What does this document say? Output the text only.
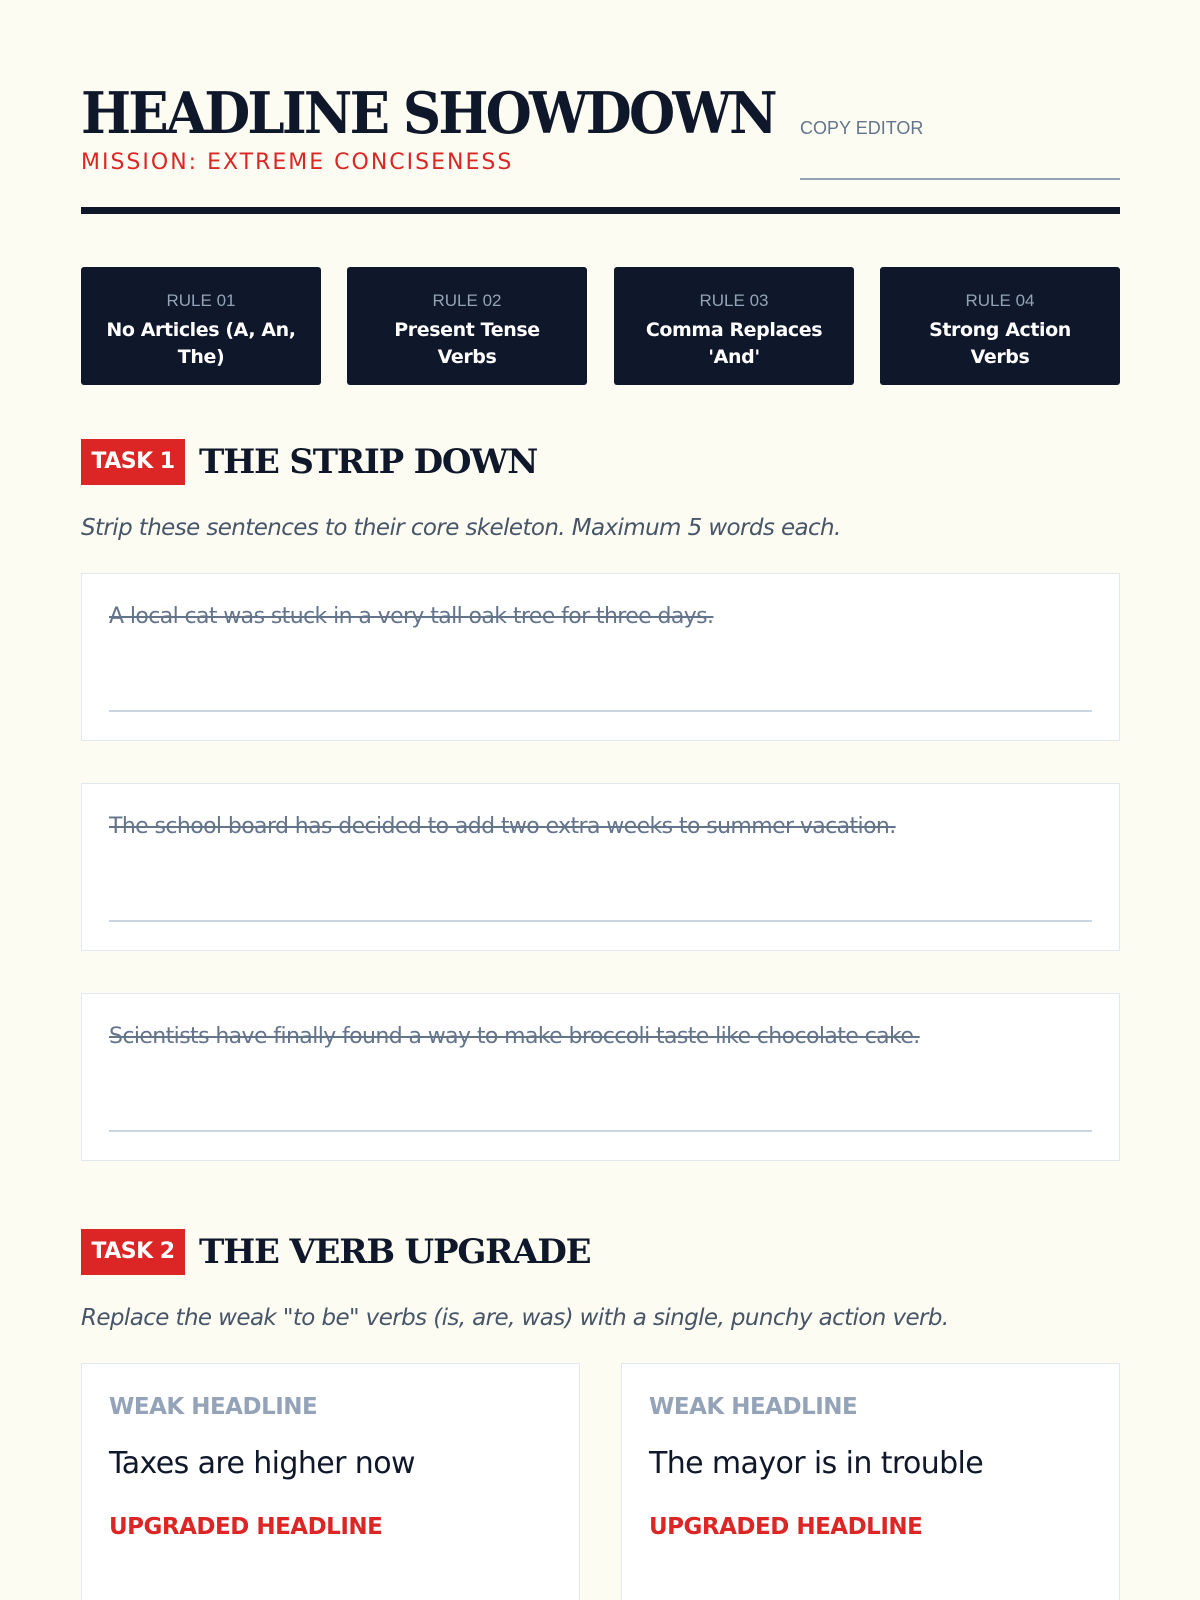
HEADLINE SHOWDOWN
MISSION: EXTREME CONCISENESS
COPY EDITOR
RULE 01
No Articles (A, An, The)
RULE 02
Present Tense Verbs
RULE 03
Comma Replaces 'And'
RULE 04
Strong Action Verbs
TASK 1 THE STRIP DOWN
Strip these sentences to their core skeleton. Maximum 5 words each.
A local cat was stuck in a very tall oak tree for three days.
The school board has decided to add two extra weeks to summer vacation.
Scientists have finally found a way to make broccoli taste like chocolate cake.
TASK 2 THE VERB UPGRADE
Replace the weak "to be" verbs (is, are, was) with a single, punchy action verb.
WEAK HEADLINE
Taxes are higher now
UPGRADED HEADLINE
WEAK HEADLINE
The mayor is in trouble
UPGRADED HEADLINE
